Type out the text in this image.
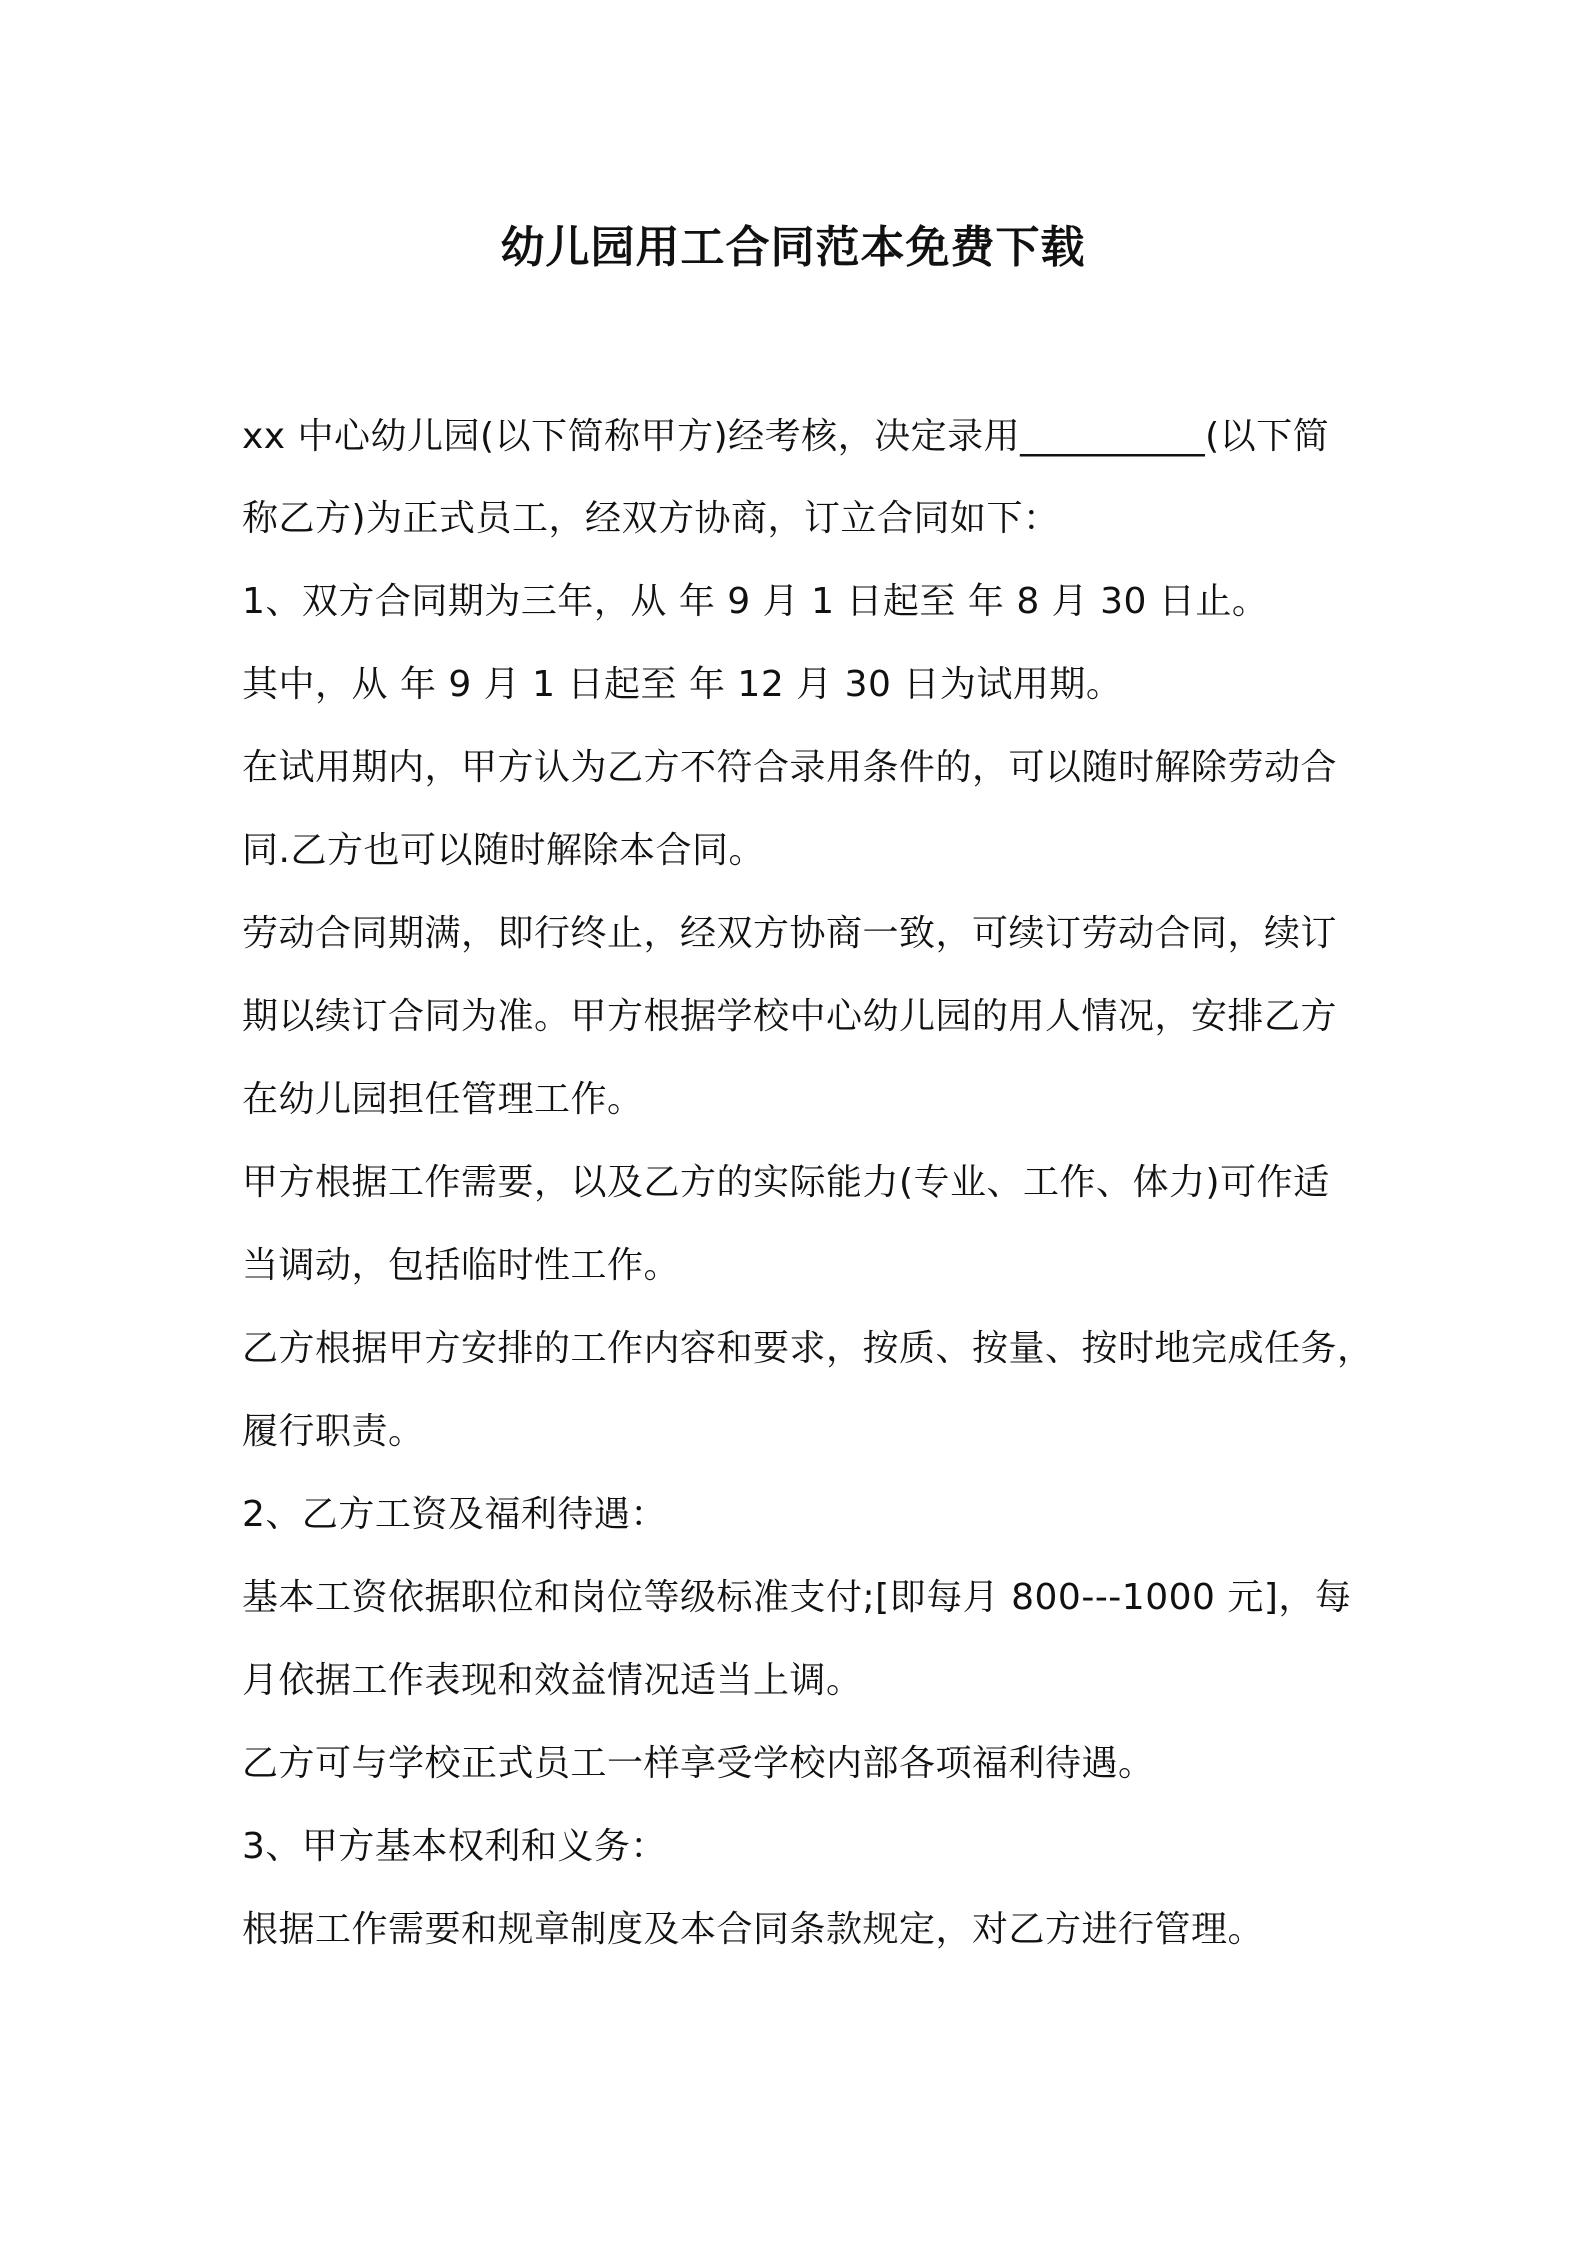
幼儿园用工合同范本免费下载

xx 中心幼儿园(以下简称甲方)经考核，决定录用__________(以下简

称乙方)为正式员工，经双方协商，订立合同如下：

1、双方合同期为三年，从 年 9 月 1 日起至 年 8 月 30 日止。

其中，从 年 9 月 1 日起至 年 12 月 30 日为试用期。

在试用期内，甲方认为乙方不符合录用条件的，可以随时解除劳动合

同.乙方也可以随时解除本合同。

劳动合同期满，即行终止，经双方协商一致，可续订劳动合同，续订

期以续订合同为准。甲方根据学校中心幼儿园的用人情况，安排乙方

在幼儿园担任管理工作。

甲方根据工作需要，以及乙方的实际能力(专业、工作、体力)可作适

当调动，包括临时性工作。

乙方根据甲方安排的工作内容和要求，按质、按量、按时地完成任务，

履行职责。

2、乙方工资及福利待遇：

基本工资依据职位和岗位等级标准支付;[即每月 800---1000 元]，每

月依据工作表现和效益情况适当上调。

乙方可与学校正式员工一样享受学校内部各项福利待遇。

3、甲方基本权利和义务：

根据工作需要和规章制度及本合同条款规定，对乙方进行管理。
